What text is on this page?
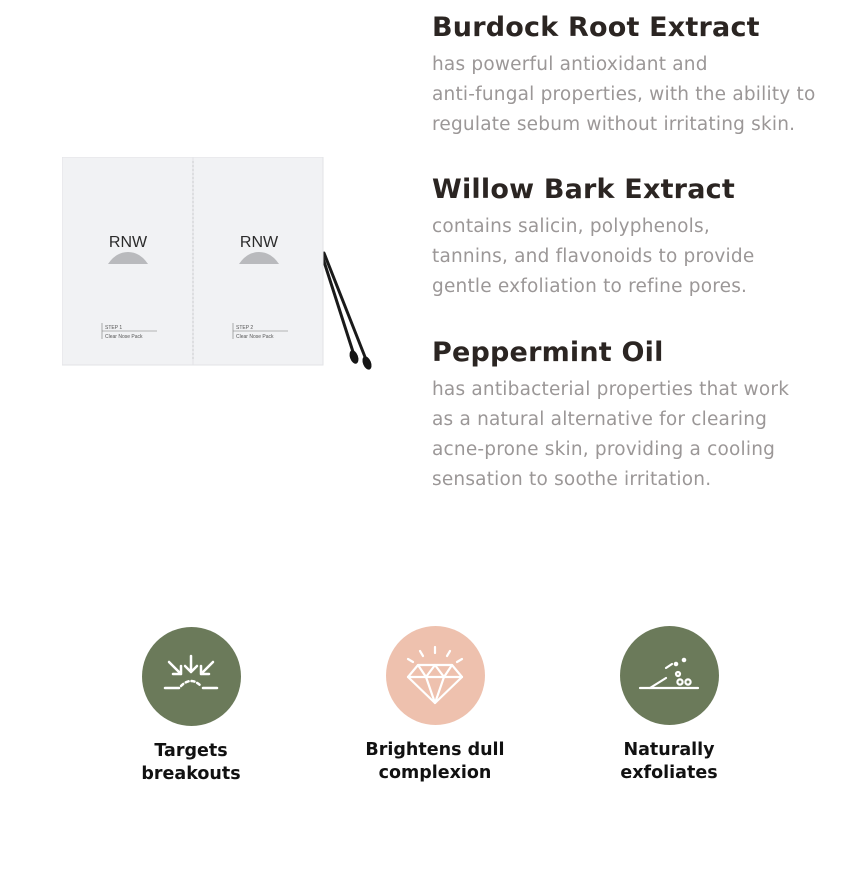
Burdock Root Extract

has powerful antioxidant and
anti-fungal properties, with the ability to
regulate sebum without irritating skin.

Willow Bark Extract

contains salicin, polyphenols,
tannins, and flavonoids to provide
gentle exfoliation to refine pores.

Peppermint Oil

has antibacterial properties that work
as a natural alternative for clearing
acne-prone skin, providing a cooling
sensation to soothe irritation.

RNW	RNW
STEP 1
Clear Nose Pack
STEP 2
Clear Nose Pack
Targets
breakouts
Brightens dull
complexion
Naturally
exfoliates
